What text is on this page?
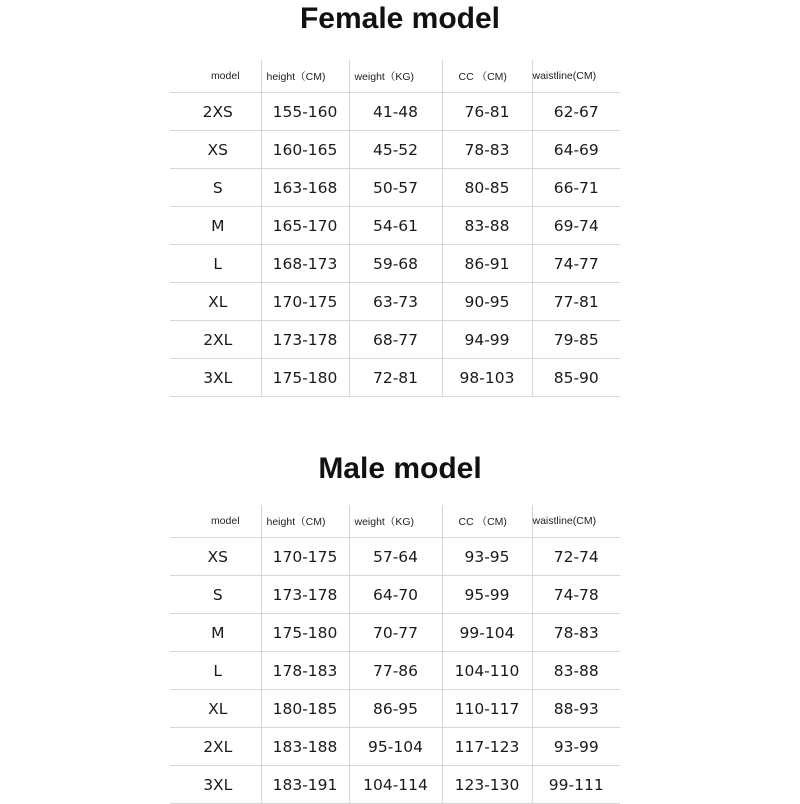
Female model
model	height（CM)	weight（KG)	CC （CM)	waistline(CM)
2XS	155-160	41-48	76-81	62-67
XS	160-165	45-52	78-83	64-69
S	163-168	50-57	80-85	66-71
M	165-170	54-61	83-88	69-74
L	168-173	59-68	86-91	74-77
XL	170-175	63-73	90-95	77-81
2XL	173-178	68-77	94-99	79-85
3XL	175-180	72-81	98-103	85-90
Male model
model	height（CM)	weight（KG)	CC （CM)	waistline(CM)
XS	170-175	57-64	93-95	72-74
S	173-178	64-70	95-99	74-78
M	175-180	70-77	99-104	78-83
L	178-183	77-86	104-110	83-88
XL	180-185	86-95	110-117	88-93
2XL	183-188	95-104	117-123	93-99
3XL	183-191	104-114	123-130	99-111
